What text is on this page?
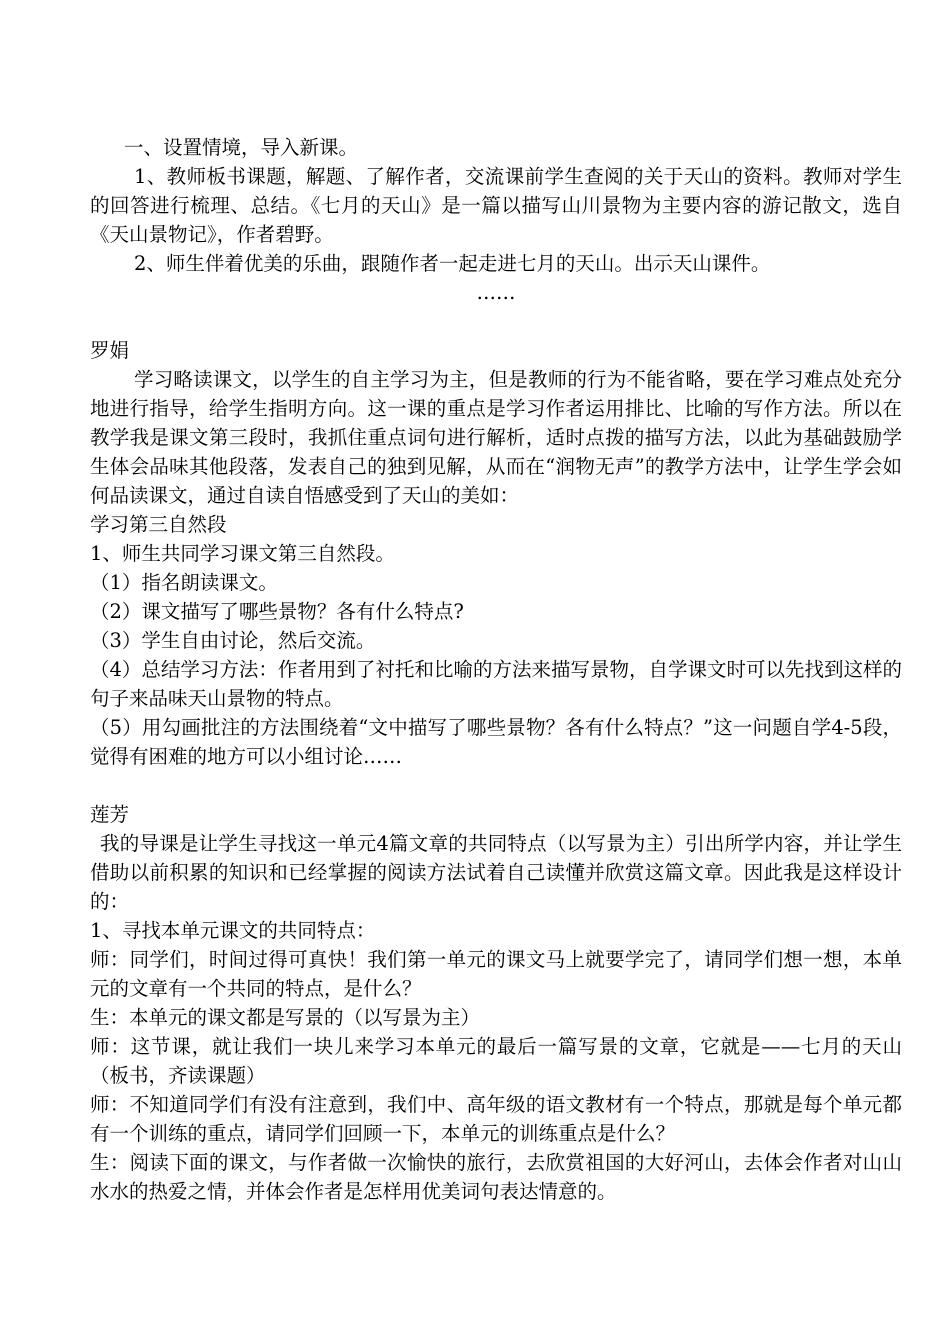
一、设置情境，导入新课。

1、教师板书课题，解题、了解作者，交流课前学生查阅的关于天山的资料。教师对学生的回答进行梳理、总结。《七月的天山》是一篇以描写山川景物为主要内容的游记散文，选自《天山景物记》，作者碧野。

2、师生伴着优美的乐曲，跟随作者一起走进七月的天山。出示天山课件。

……

罗娟

学习略读课文，以学生的自主学习为主，但是教师的行为不能省略，要在学习难点处充分地进行指导，给学生指明方向。这一课的重点是学习作者运用排比、比喻的写作方法。所以在教学我是课文第三段时，我抓住重点词句进行解析，适时点拨的描写方法，以此为基础鼓励学生体会品味其他段落，发表自己的独到见解，从而在“润物无声”的教学方法中，让学生学会如何品读课文，通过自读自悟感受到了天山的美如：

学习第三自然段

1、师生共同学习课文第三自然段。

（1）指名朗读课文。

（2）课文描写了哪些景物？各有什么特点?

（3）学生自由讨论，然后交流。

（4）总结学习方法：作者用到了衬托和比喻的方法来描写景物，自学课文时可以先找到这样的句子来品味天山景物的特点。

（5）用勾画批注的方法围绕着“文中描写了哪些景物？各有什么特点？”这一问题自学4-5段，觉得有困难的地方可以小组讨论……

莲芳

我的导课是让学生寻找这一单元4篇文章的共同特点（以写景为主）引出所学内容，并让学生借助以前积累的知识和已经掌握的阅读方法试着自己读懂并欣赏这篇文章。因此我是这样设计的：

1、寻找本单元课文的共同特点：

师：同学们，时间过得可真快！我们第一单元的课文马上就要学完了，请同学们想一想，本单元的文章有一个共同的特点，是什么？

生：本单元的课文都是写景的（以写景为主）

师：这节课，就让我们一块儿来学习本单元的最后一篇写景的文章，它就是——七月的天山（板书，齐读课题）

师：不知道同学们有没有注意到，我们中、高年级的语文教材有一个特点，那就是每个单元都有一个训练的重点，请同学们回顾一下，本单元的训练重点是什么？

生：阅读下面的课文，与作者做一次愉快的旅行，去欣赏祖国的大好河山，去体会作者对山山水水的热爱之情，并体会作者是怎样用优美词句表达情意的。
